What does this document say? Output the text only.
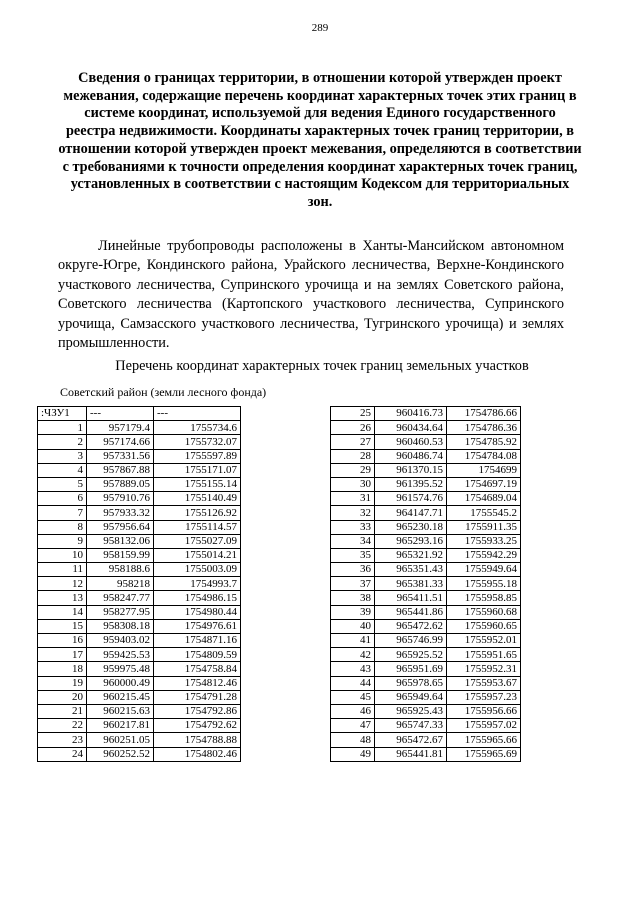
289
Сведения о границах территории, в отношении которой утвержден проект межевания, содержащие перечень координат характерных точек этих границ в системе координат, используемой для ведения Единого государственного реестра недвижимости. Координаты характерных точек границ территории, в отношении которой утвержден проект межевания, определяются в соответствии с требованиями к точности определения координат характерных точек границ, установленных в соответствии с настоящим Кодексом для территориальных зон.
Линейные трубопроводы расположены в Ханты-Мансийском автономном округе-Югре, Кондинского района, Урайского лесничества, Верхне-Кондинского участкового лесничества, Супринского урочища и на землях Советского района, Советского лесничества (Картопского участкового лесничества, Супринского урочища, Самзасского участкового лесничества, Тугринского урочища) и землях промышленности.
Перечень координат характерных точек границ земельных участков
Советский район (земли лесного фонда)
:ЧЗУ1	---	---
1	957179.4	1755734.6
2	957174.66	1755732.07
3	957331.56	1755597.89
4	957867.88	1755171.07
5	957889.05	1755155.14
6	957910.76	1755140.49
7	957933.32	1755126.92
8	957956.64	1755114.57
9	958132.06	1755027.09
10	958159.99	1755014.21
11	958188.6	1755003.09
12	958218	1754993.7
13	958247.77	1754986.15
14	958277.95	1754980.44
15	958308.18	1754976.61
16	959403.02	1754871.16
17	959425.53	1754809.59
18	959975.48	1754758.84
19	960000.49	1754812.46
20	960215.45	1754791.28
21	960215.63	1754792.86
22	960217.81	1754792.62
23	960251.05	1754788.88
24	960252.52	1754802.46
25	960416.73	1754786.66
26	960434.64	1754786.36
27	960460.53	1754785.92
28	960486.74	1754784.08
29	961370.15	1754699
30	961395.52	1754697.19
31	961574.76	1754689.04
32	964147.71	1755545.2
33	965230.18	1755911.35
34	965293.16	1755933.25
35	965321.92	1755942.29
36	965351.43	1755949.64
37	965381.33	1755955.18
38	965411.51	1755958.85
39	965441.86	1755960.68
40	965472.62	1755960.65
41	965746.99	1755952.01
42	965925.52	1755951.65
43	965951.69	1755952.31
44	965978.65	1755953.67
45	965949.64	1755957.23
46	965925.43	1755956.66
47	965747.33	1755957.02
48	965472.67	1755965.66
49	965441.81	1755965.69
